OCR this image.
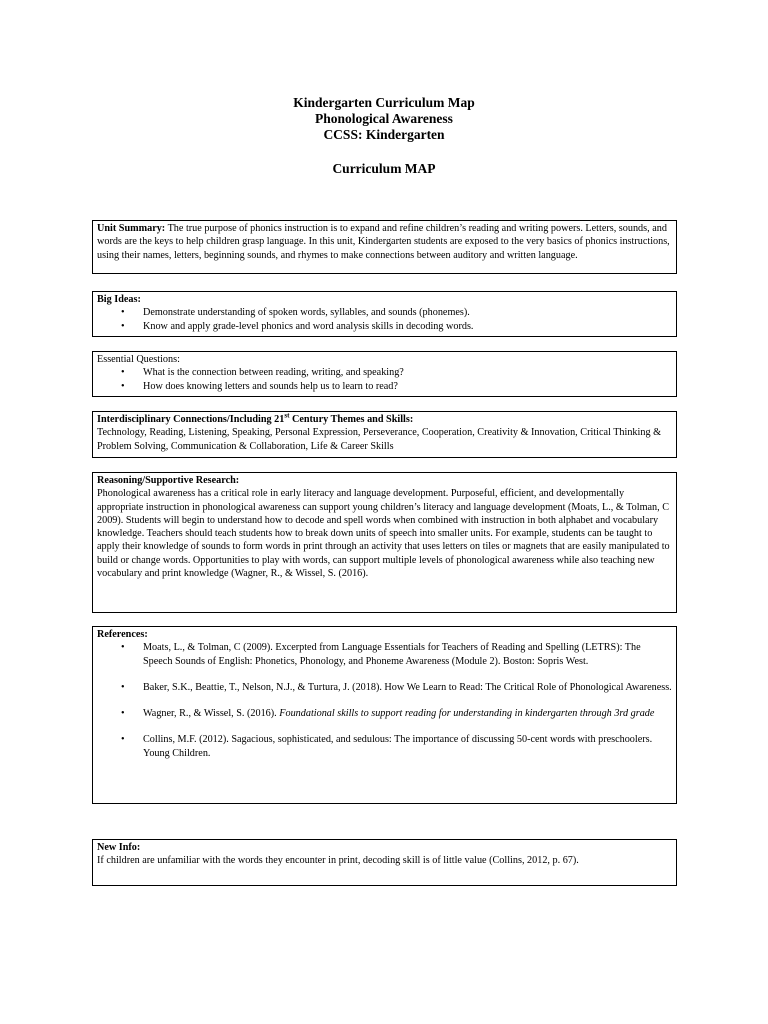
Kindergarten Curriculum Map
Phonological Awareness
CCSS: Kindergarten
Curriculum MAP
Unit Summary: The true purpose of phonics instruction is to expand and refine children’s reading and writing powers. Letters, sounds, and words are the keys to help children grasp language. In this unit, Kindergarten students are exposed to the very basics of phonics instructions, using their names, letters, beginning sounds, and rhymes to make connections between auditory and written language.
Big Ideas:
• Demonstrate understanding of spoken words, syllables, and sounds (phonemes).
• Know and apply grade-level phonics and word analysis skills in decoding words.
Essential Questions:
• What is the connection between reading, writing, and speaking?
• How does knowing letters and sounds help us to learn to read?
Interdisciplinary Connections/Including 21st Century Themes and Skills:
Technology, Reading, Listening, Speaking, Personal Expression, Perseverance, Cooperation, Creativity & Innovation, Critical Thinking & Problem Solving, Communication & Collaboration, Life & Career Skills
Reasoning/Supportive Research:
Phonological awareness has a critical role in early literacy and language development. Purposeful, efficient, and developmentally appropriate instruction in phonological awareness can support young children’s literacy and language development (Moats, L., & Tolman, C 2009). Students will begin to understand how to decode and spell words when combined with instruction in both alphabet and vocabulary knowledge. Teachers should teach students how to break down units of speech into smaller units. For example, students can be taught to apply their knowledge of sounds to form words in print through an activity that uses letters on tiles or magnets that are easily manipulated to build or change words. Opportunities to play with words, can support multiple levels of phonological awareness while also teaching new vocabulary and print knowledge (Wagner, R., & Wissel, S. (2016).
References:
• Moats, L., & Tolman, C (2009). Excerpted from Language Essentials for Teachers of Reading and Spelling (LETRS): The Speech Sounds of English: Phonetics, Phonology, and Phoneme Awareness (Module 2). Boston: Sopris West.
• Baker, S.K., Beattie, T., Nelson, N.J., & Turtura, J. (2018). How We Learn to Read: The Critical Role of Phonological Awareness.
• Wagner, R., & Wissel, S. (2016). Foundational skills to support reading for understanding in kindergarten through 3rd grade
• Collins, M.F. (2012). Sagacious, sophisticated, and sedulous: The importance of discussing 50-cent words with preschoolers. Young Children.
New Info:
If children are unfamiliar with the words they encounter in print, decoding skill is of little value (Collins, 2012, p. 67).
